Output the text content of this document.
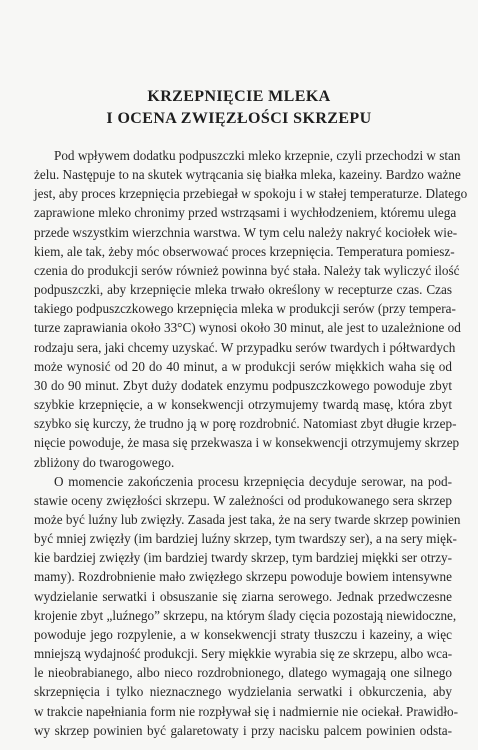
KRZEPNIĘCIE MLEKA
I OCENA ZWIĘZŁOŚCI SKRZEPU
Pod wpływem dodatku podpuszczki mleko krzepnie, czyli przechodzi w stan
żelu. Następuje to na skutek wytrącania się białka mleka, kazeiny. Bardzo ważne
jest, aby proces krzepnięcia przebiegał w spokoju i w stałej temperaturze. Dlatego
zaprawione mleko chronimy przed wstrząsami i wychłodzeniem, któremu ulega
przede wszystkim wierzchnia warstwa. W tym celu należy nakryć kociołek wie-
kiem, ale tak, żeby móc obserwować proces krzepnięcia. Temperatura pomiesz-
czenia do produkcji serów również powinna być stała. Należy tak wyliczyć ilość
podpuszczki, aby krzepnięcie mleka trwało określony w recepturze czas. Czas
takiego podpuszczkowego krzepnięcia mleka w produkcji serów (przy tempera-
turze zaprawiania około 33°C) wynosi około 30 minut, ale jest to uzależnione od
rodzaju sera, jaki chcemy uzyskać. W przypadku serów twardych i półtwardych
może wynosić od 20 do 40 minut, a w produkcji serów miękkich waha się od
30 do 90 minut. Zbyt duży dodatek enzymu podpuszczkowego powoduje zbyt
szybkie krzepnięcie, a w konsekwencji otrzymujemy twardą masę, która zbyt
szybko się kurczy, że trudno ją w porę rozdrobnić. Natomiast zbyt długie krzep-
nięcie powoduje, że masa się przekwasza i w konsekwencji otrzymujemy skrzep
zbliżony do twarogowego.
O momencie zakończenia procesu krzepnięcia decyduje serowar, na pod-
stawie oceny zwięzłości skrzepu. W zależności od produkowanego sera skrzep
może być luźny lub zwięzły. Zasada jest taka, że na sery twarde skrzep powinien
być mniej zwięzły (im bardziej luźny skrzep, tym twardszy ser), a na sery mięk-
kie bardziej zwięzły (im bardziej twardy skrzep, tym bardziej miękki ser otrzy-
mamy). Rozdrobnienie mało zwięzłego skrzepu powoduje bowiem intensywne
wydzielanie serwatki i obsuszanie się ziarna serowego. Jednak przedwczesne
krojenie zbyt „luźnego” skrzepu, na którym ślady cięcia pozostają niewidoczne,
powoduje jego rozpylenie, a w konsekwencji straty tłuszczu i kazeiny, a więc
mniejszą wydajność produkcji. Sery miękkie wyrabia się ze skrzepu, albo wca-
le nieobrabianego, albo nieco rozdrobnionego, dlatego wymagają one silnego
skrzepnięcia i tylko nieznacznego wydzielania serwatki i obkurczenia, aby
w trakcie napełniania form nie rozpływał się i nadmiernie nie ociekał. Prawidło-
wy skrzep powinien być galaretowaty i przy nacisku palcem powinien odsta-
